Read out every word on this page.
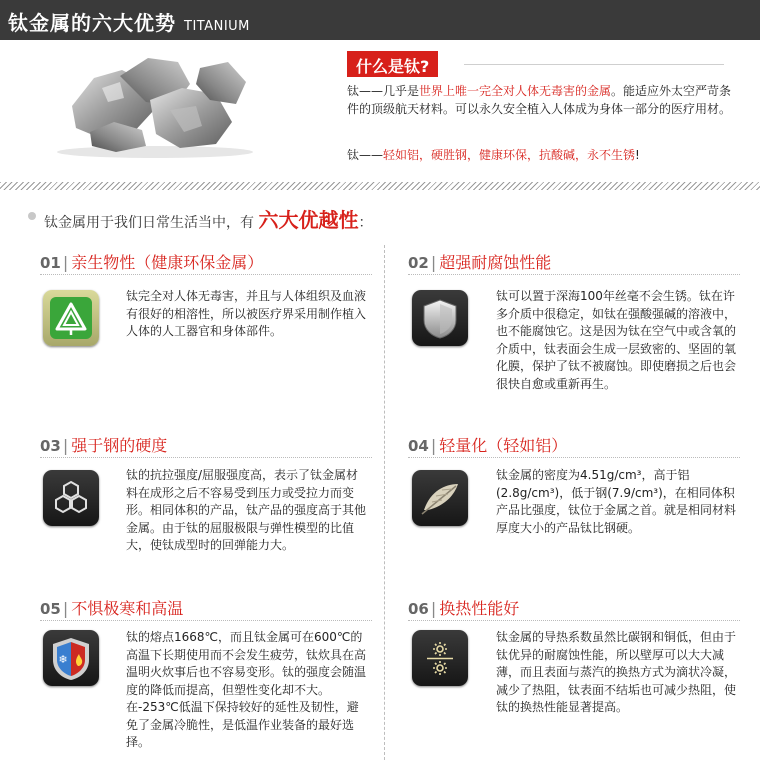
钛金属的六大优势 TITANIUM
什么是钛?
钛——几乎是世界上唯一完全对人体无毒害的金属。能适应外太空严苛条件的顶级航天材料。可以永久安全植入人体成为身体一部分的医疗用材。
钛——轻如铝，硬胜钢，健康环保，抗酸碱，永不生锈!
钛金属用于我们日常生活当中，有 六大优越性：
01 | 亲生物性（健康环保金属）
钛完全对人体无毒害，并且与人体组织及血液有很好的相溶性，所以被医疗界采用制作植入人体的人工器官和身体部件。
02 | 超强耐腐蚀性能
钛可以置于深海100年丝毫不会生锈。钛在许多介质中很稳定，如钛在强酸强碱的溶液中，也不能腐蚀它。这是因为钛在空气中或含氧的介质中，钛表面会生成一层致密的、坚固的氧化膜，保护了钛不被腐蚀。即使磨损之后也会很快自愈或重新再生。
03 | 强于钢的硬度
钛的抗拉强度/屈服强度高，表示了钛金属材料在成形之后不容易受到压力或受拉力而变形。相同体积的产品，钛产品的强度高于其他金属。由于钛的屈服极限与弹性模型的比值大，使钛成型时的回弹能力大。
04 | 轻量化（轻如铝）
钛金属的密度为4.51g/cm³，高于铝(2.8g/cm³)，低于钢(7.9/cm³)，在相同体积产品比强度，钛位于金属之首。就是相同材料厚度大小的产品钛比钢硬。
05 | 不惧极寒和高温
❄
钛的熔点1668℃，而且钛金属可在600℃的高温下长期使用而不会发生疲劳，钛炊具在高温明火炊事后也不容易变形。钛的强度会随温度的降低而提高，但塑性变化却不大。在-253℃低温下保持较好的延性及韧性，避免了金属冷脆性，是低温作业装备的最好选择。
06 | 换热性能好
钛金属的导热系数虽然比碳钢和铜低，但由于钛优异的耐腐蚀性能，所以壁厚可以大大减薄，而且表面与蒸汽的换热方式为滴状冷凝，减少了热阻，钛表面不结垢也可减少热阻，使钛的换热性能显著提高。
